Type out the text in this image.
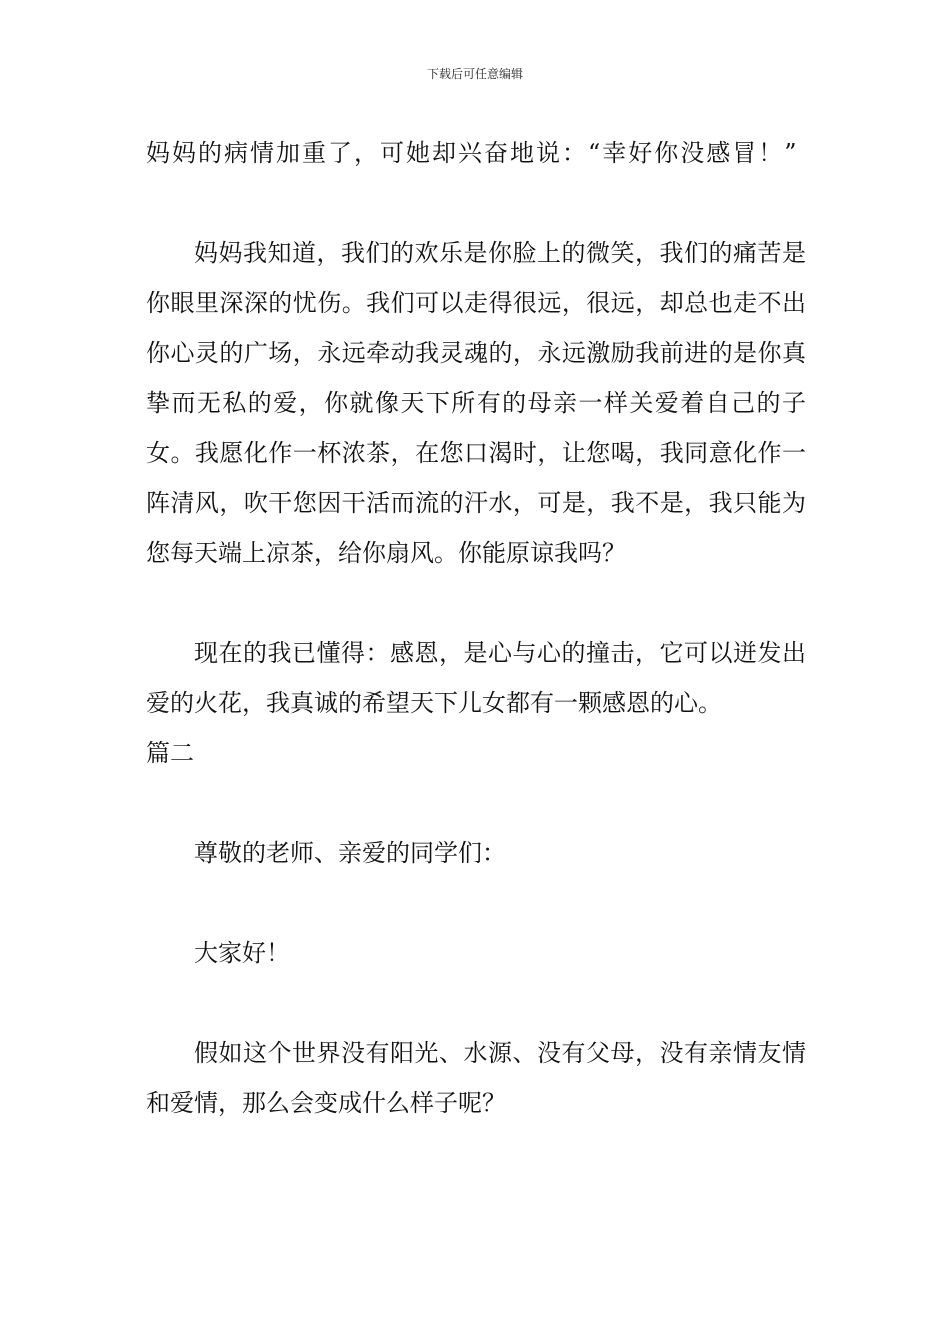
下载后可任意编辑

妈妈的病情加重了，可她却兴奋地说：“幸好你没感冒！”

妈妈我知道，我们的欢乐是你脸上的微笑，我们的痛苦是你眼里深深的忧伤。我们可以走得很远，很远，却总也走不出你心灵的广场，永远牵动我灵魂的，永远激励我前进的是你真挚而无私的爱，你就像天下所有的母亲一样关爱着自己的子女。我愿化作一杯浓茶，在您口渴时，让您喝，我同意化作一阵清风，吹干您因干活而流的汗水，可是，我不是，我只能为您每天端上凉茶，给你扇风。你能原谅我吗？

现在的我已懂得：感恩，是心与心的撞击，它可以迸发出爱的火花，我真诚的希望天下儿女都有一颗感恩的心。

篇二

尊敬的老师、亲爱的同学们：

大家好！

假如这个世界没有阳光、水源、没有父母，没有亲情友情和爱情，那么会变成什么样子呢？
